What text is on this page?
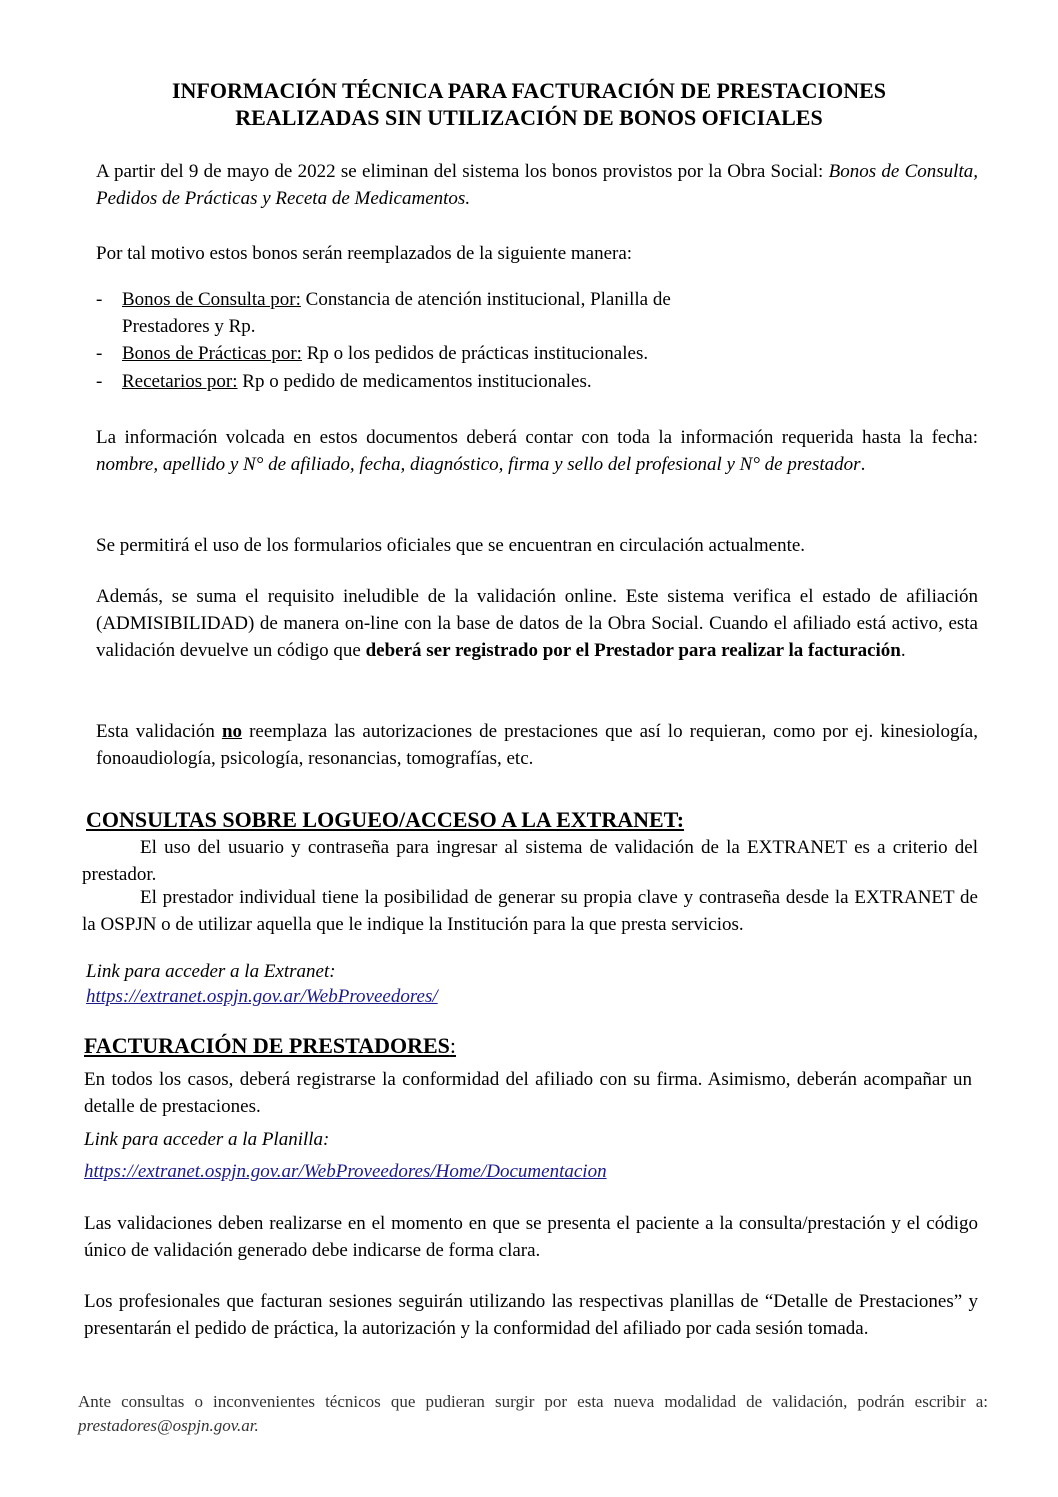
INFORMACIÓN TÉCNICA PARA FACTURACIÓN DE PRESTACIONES
REALIZADAS SIN UTILIZACIÓN DE BONOS OFICIALES
A partir del 9 de mayo de 2022 se eliminan del sistema los bonos provistos por la Obra Social: Bonos de Consulta, Pedidos de Prácticas y Receta de Medicamentos.
Por tal motivo estos bonos serán reemplazados de la siguiente manera:
- Bonos de Consulta por: Constancia de atención institucional, Planilla de
Prestadores y Rp.
- Bonos de Prácticas por: Rp o los pedidos de prácticas institucionales.
- Recetarios por: Rp o pedido de medicamentos institucionales.
La información volcada en estos documentos deberá contar con toda la información requerida hasta la fecha: nombre, apellido y N° de afiliado, fecha, diagnóstico, firma y sello del profesional y N° de prestador.
Se permitirá el uso de los formularios oficiales que se encuentran en circulación actualmente.
Además, se suma el requisito ineludible de la validación online. Este sistema verifica el estado de afiliación (ADMISIBILIDAD) de manera on-line con la base de datos de la Obra Social. Cuando el afiliado está activo, esta validación devuelve un código que deberá ser registrado por el Prestador para realizar la facturación.
Esta validación no reemplaza las autorizaciones de prestaciones que así lo requieran, como por ej. kinesiología, fonoaudiología, psicología, resonancias, tomografías, etc.
CONSULTAS SOBRE LOGUEO/ACCESO A LA EXTRANET:
El uso del usuario y contraseña para ingresar al sistema de validación de la EXTRANET es a criterio del prestador.
El prestador individual tiene la posibilidad de generar su propia clave y contraseña desde la EXTRANET de la OSPJN o de utilizar aquella que le indique la Institución para la que presta servicios.
Link para acceder a la Extranet:
https://extranet.ospjn.gov.ar/WebProveedores/
FACTURACIÓN DE PRESTADORES:
En todos los casos, deberá registrarse la conformidad del afiliado con su firma. Asimismo, deberán acompañar un detalle de prestaciones.
Link para acceder a la Planilla:
https://extranet.ospjn.gov.ar/WebProveedores/Home/Documentacion
Las validaciones deben realizarse en el momento en que se presenta el paciente a la consulta/prestación y el código único de validación generado debe indicarse de forma clara.
Los profesionales que facturan sesiones seguirán utilizando las respectivas planillas de “Detalle de Prestaciones” y presentarán el pedido de práctica, la autorización y la conformidad del afiliado por cada sesión tomada.
Ante consultas o inconvenientes técnicos que pudieran surgir por esta nueva modalidad de validación, podrán escribir a: prestadores@ospjn.gov.ar.
